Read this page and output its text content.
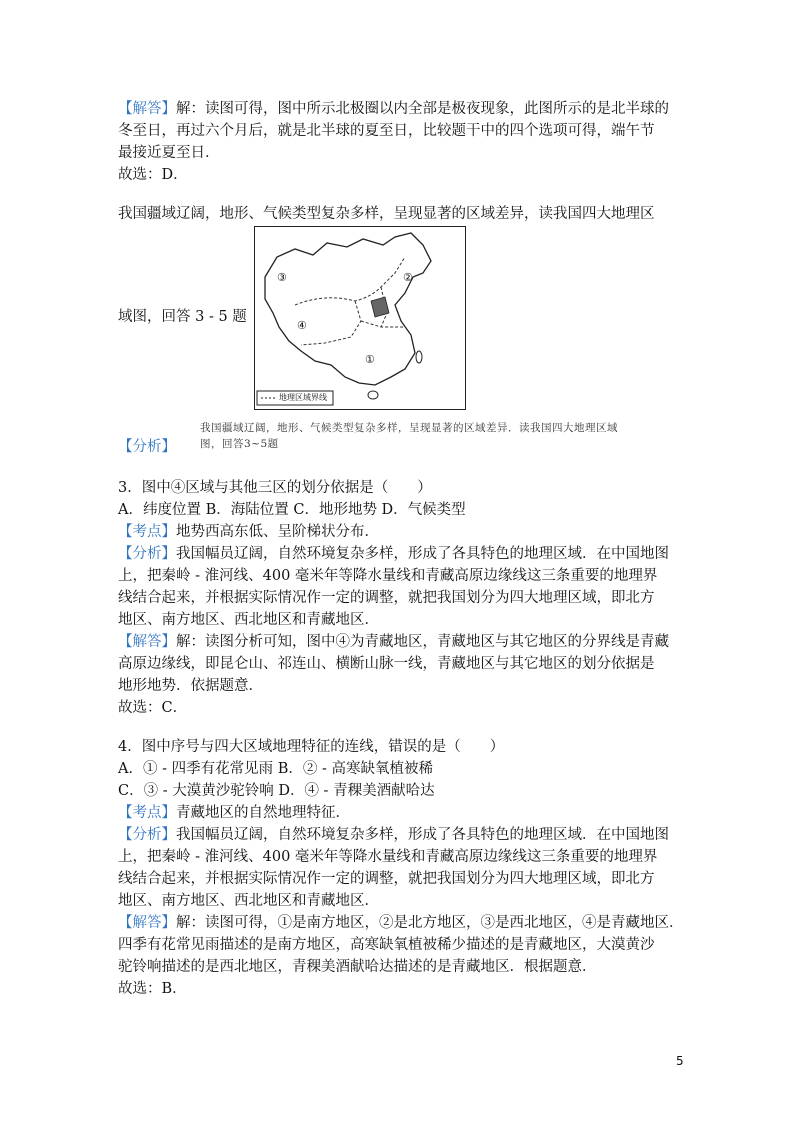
【解答】解：读图可得，图中所示北极圈以内全部是极夜现象，此图所示的是北半球的
冬至日，再过六个月后，就是北半球的夏至日，比较题干中的四个选项可得，端午节
最接近夏至日．
故选：D．
我国疆域辽阔，地形、气候类型复杂多样，呈现显著的区域差异，读我国四大地理区
域图，回答 3 - 5 题
③	②
④
①
地理区域界线
我国疆域辽阔，地形、气候类型复杂多样，呈现显著的区域差异．读我国四大地理区域
图，回答3~5题
【分析】
3．图中④区域与其他三区的划分依据是（　　）
A．纬度位置 B．海陆位置 C．地形地势 D．气候类型
【考点】地势西高东低、呈阶梯状分布．
【分析】我国幅员辽阔，自然环境复杂多样，形成了各具特色的地理区域．在中国地图
上，把秦岭 - 淮河线、400 毫米年等降水量线和青藏高原边缘线这三条重要的地理界
线结合起来，并根据实际情况作一定的调整，就把我国划分为四大地理区域，即北方
地区、南方地区、西北地区和青藏地区．
【解答】解：读图分析可知，图中④为青藏地区，青藏地区与其它地区的分界线是青藏
高原边缘线，即昆仑山、祁连山、横断山脉一线，青藏地区与其它地区的划分依据是
地形地势．依据题意．
故选：C．
4．图中序号与四大区域地理特征的连线，错误的是（　　）
A．① - 四季有花常见雨 B．② - 高寒缺氧植被稀
C．③ - 大漠黄沙驼铃响 D．④ - 青稞美酒献哈达
【考点】青藏地区的自然地理特征．
【分析】我国幅员辽阔，自然环境复杂多样，形成了各具特色的地理区域．在中国地图
上，把秦岭 - 淮河线、400 毫米年等降水量线和青藏高原边缘线这三条重要的地理界
线结合起来，并根据实际情况作一定的调整，就把我国划分为四大地理区域，即北方
地区、南方地区、西北地区和青藏地区．
【解答】解：读图可得，①是南方地区，②是北方地区，③是西北地区，④是青藏地区．
四季有花常见雨描述的是南方地区，高寒缺氧植被稀少描述的是青藏地区，大漠黄沙
驼铃响描述的是西北地区，青稞美酒献哈达描述的是青藏地区．根据题意．
故选：B．
5
